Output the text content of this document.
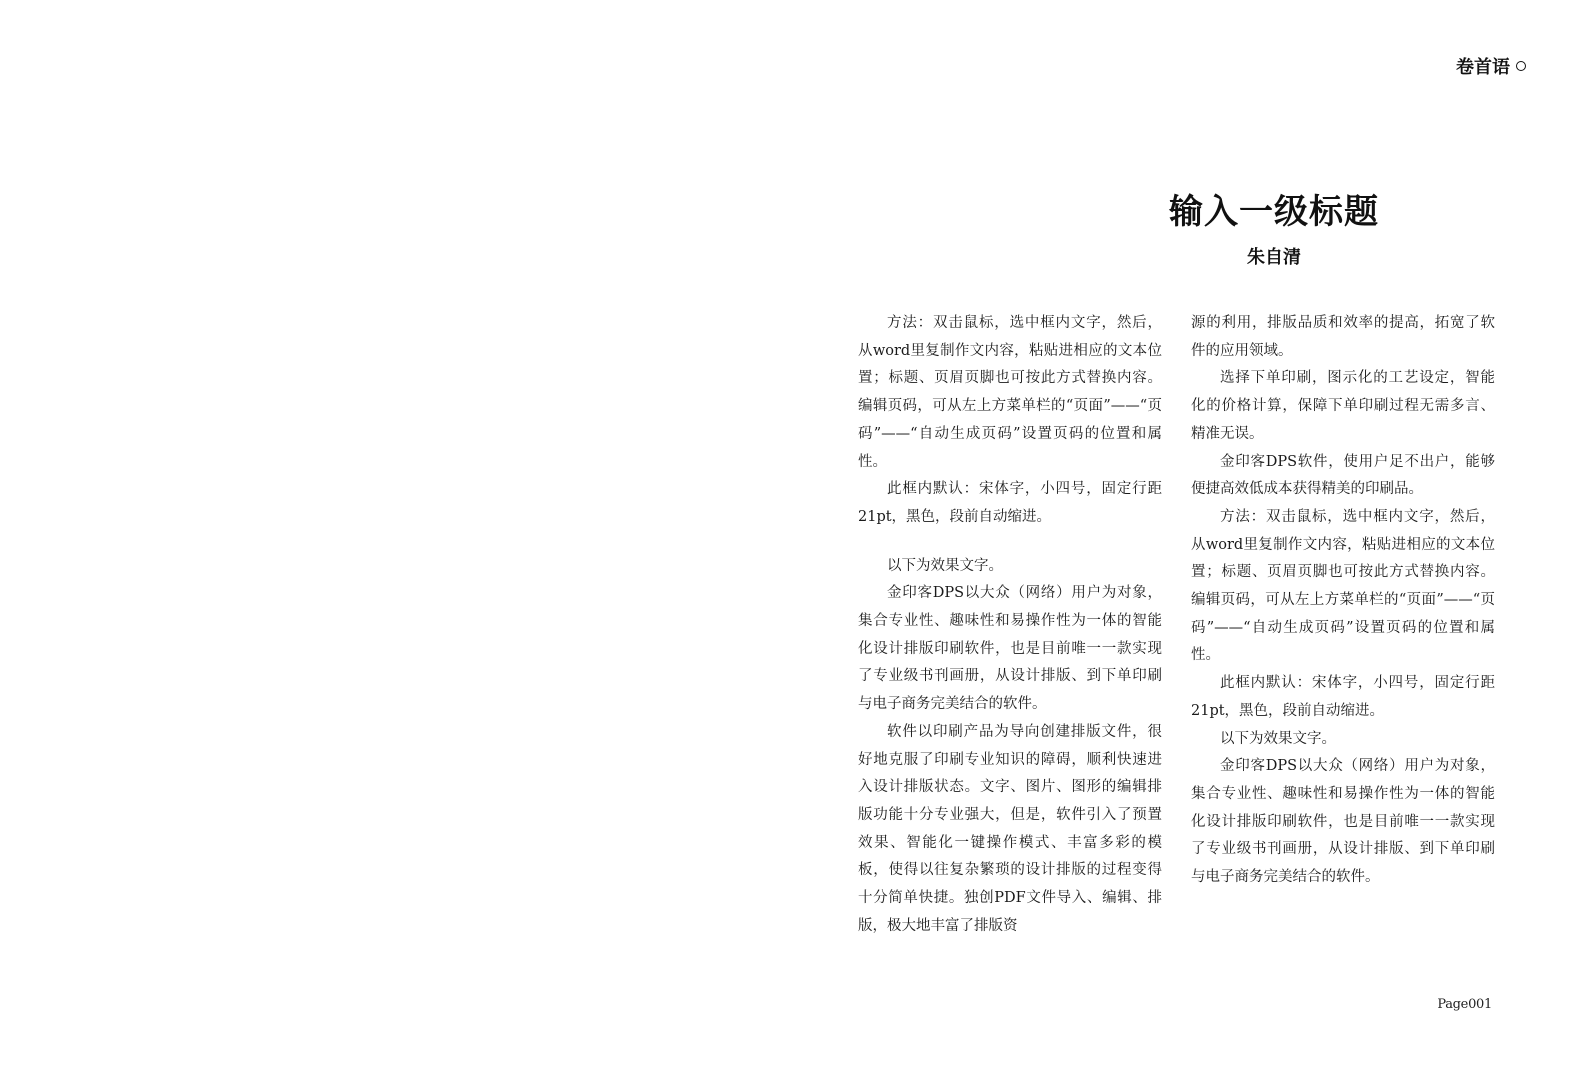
卷首语
输入一级标题
朱自清

方法：双击鼠标，选中框内文字，然后，从word里复制作文内容，粘贴进相应的文本位置；标题、页眉页脚也可按此方式替换内容。编辑页码，可从左上方菜单栏的“页面”——“页码”——“自动生成页码”设置页码的位置和属性。

此框内默认：宋体字，小四号，固定行距21pt，黑色，段前自动缩进。

以下为效果文字。

金印客DPS以大众（网络）用户为对象，集合专业性、趣味性和易操作性为一体的智能化设计排版印刷软件，也是目前唯一一款实现了专业级书刊画册，从设计排版、到下单印刷与电子商务完美结合的软件。

软件以印刷产品为导向创建排版文件，很好地克服了印刷专业知识的障碍，顺利快速进入设计排版状态。文字、图片、图形的编辑排版功能十分专业强大，但是，软件引入了预置效果、智能化一键操作模式、丰富多彩的模板，使得以往复杂繁琐的设计排版的过程变得十分简单快捷。独创PDF文件导入、编辑、排版，极大地丰富了排版资

源的利用，排版品质和效率的提高，拓宽了软件的应用领域。

选择下单印刷，图示化的工艺设定，智能化的价格计算，保障下单印刷过程无需多言、精准无误。

金印客DPS软件，使用户足不出户，能够便捷高效低成本获得精美的印刷品。

方法：双击鼠标，选中框内文字，然后，从word里复制作文内容，粘贴进相应的文本位置；标题、页眉页脚也可按此方式替换内容。编辑页码，可从左上方菜单栏的“页面”——“页码”——“自动生成页码”设置页码的位置和属性。

此框内默认：宋体字，小四号，固定行距21pt，黑色，段前自动缩进。

以下为效果文字。

金印客DPS以大众（网络）用户为对象，集合专业性、趣味性和易操作性为一体的智能化设计排版印刷软件，也是目前唯一一款实现了专业级书刊画册，从设计排版、到下单印刷与电子商务完美结合的软件。

Page001
